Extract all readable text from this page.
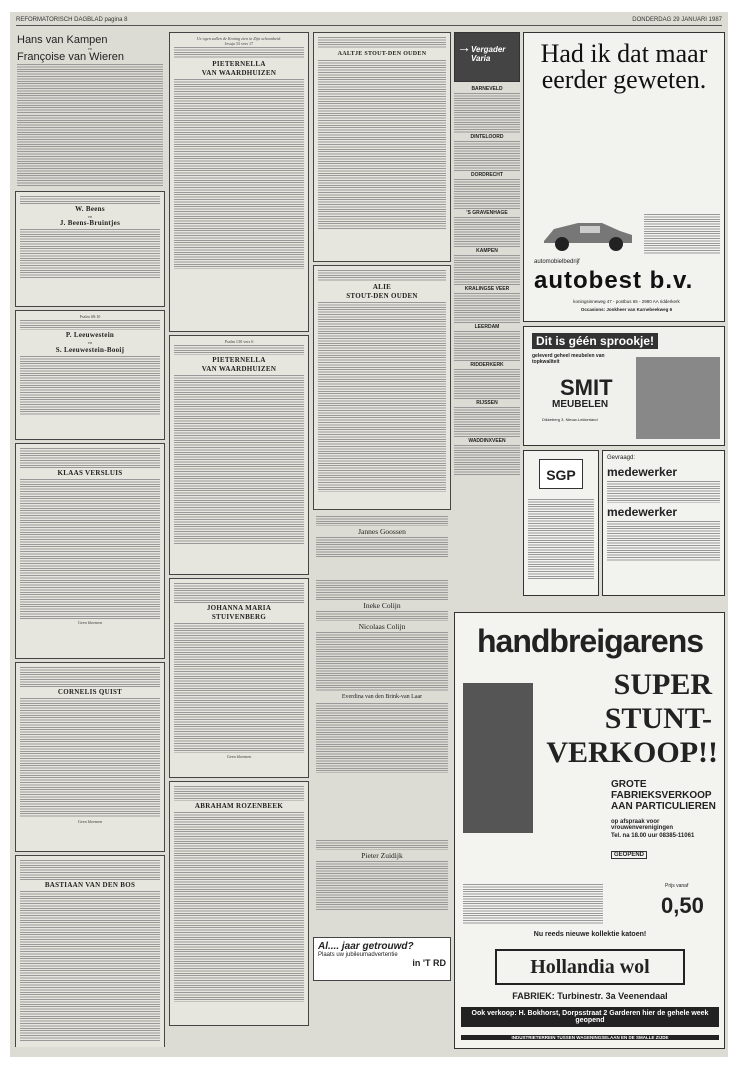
REFORMATORISCH DAGBLAD pagina 8	DONDERDAG 29 JANUARI 1987
Hans van Kampen
en
Françoise van Wieren
W. Beens
en
J. Beens-Bruintjes
Psalm 68:10
P. Leeuwestein
en
S. Leeuwestein-Booij
KLAAS VERSLUIS
Geen bloemen
CORNELIS QUIST
Geen bloemen
BASTIAAN VAN DEN BOS
Ue ogen zullen de Koning zien in Zijn schoonheid.
Jesaja 33 vers 17
PIETERNELLA
VAN WAARDHUIZEN
Psalm 130 vers 6
PIETERNELLA
VAN WAARDHUIZEN
JOHANNA MARIA
STUIVENBERG
Geen bloemen
ABRAHAM ROZENBEEK
AALTJE STOUT-DEN OUDEN
ALIE
STOUT-DEN OUDEN
Jannes Goossen
Ineke Colijn
Nicolaas Colijn
Everdina van den Brink-van Laar
Pieter Zuidijk
Al.... jaar getrouwd?
Plaats uw jubileumadvertentie
in 'T RD
→ Vergader Varia
BARNEVELD
DINTELOORD
DORDRECHT
'S GRAVENHAGE
KAMPEN
KRALINGSE VEER
LEERDAM
RIDDERKERK
RIJSSEN
WADDINXVEEN
Had ik dat maar eerder geweten.
automobielbedrijf
autobest b.v.
koningsinneweg 47 - postbus 65 - 2980 AA ridderkerk
Occasions: Jonkheer van Karnebeekweg 6
Dit is géén sprookje!
geleverd geheel meubelen van topkwaliteit
SMIT
MEUBELEN
Dikkeberg 3, Nieuw-Lekkerland
SGP
Gevraagd:
medewerker
medewerker
handbreigarens
SUPER
STUNT-
VERKOOP!!
GROTE FABRIEKSVERKOOP AAN PARTICULIEREN
op afspraak voor vrouwenverenigingen
Tel. na 18.00 uur 08385-11061
GEOPEND
Prijs vanaf
0,50
Nu reeds nieuwe kollektie katoen!
Hollandia wol
FABRIEK: Turbinestr. 3a Veenendaal
Ook verkoop: H. Bokhorst, Dorpsstraat 2 Garderen hier de gehele week geopend
INDUSTRIETERREIN TUSSEN WAGENINGSELAAN EN DE SMALLE ZIJDE
